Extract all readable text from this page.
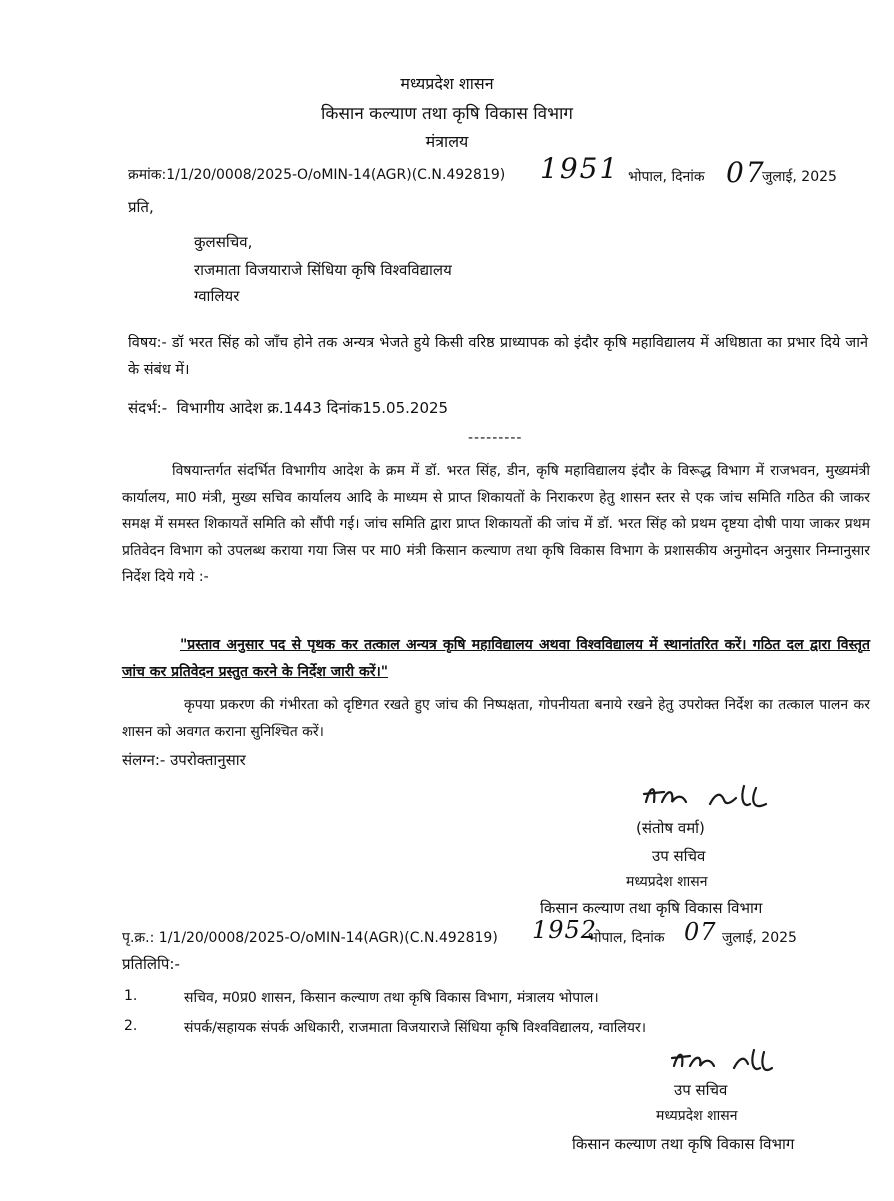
मध्यप्रदेश शासन
किसान कल्याण तथा कृषि विकास विभाग
मंत्रालय
क्रमांक:1/1/20/0008/2025-O/oMIN-14(AGR)(C.N.492819) 1951 भोपाल, दिनांक 07
जुलाई, 2025
प्रति,
कुलसचिव,
राजमाता विजयाराजे सिंधिया कृषि विश्वविद्यालय
ग्वालियर
विषय:- डॉ भरत सिंह को जाँच होने तक अन्यत्र भेजते हुये किसी वरिष्ठ प्राध्यापक को इंदौर कृषि महाविद्यालय में अधिष्ठाता का प्रभार दिये जाने के संबंध में।
संदर्भ:- विभागीय आदेश क्र.1443 दिनांक15.05.2025
---------
विषयान्तर्गत संदर्भित विभागीय आदेश के क्रम में डॉ. भरत सिंह, डीन, कृषि महाविद्यालय इंदौर के विरूद्ध विभाग में राजभवन, मुख्यमंत्री कार्यालय, मा0 मंत्री, मुख्य सचिव कार्यालय आदि के माध्यम से प्राप्त शिकायतों के निराकरण हेतु शासन स्तर से एक जांच समिति गठित की जाकर समक्ष में समस्त शिकायतें समिति को सौंपी गई। जांच समिति द्वारा प्राप्त शिकायतों की जांच में डॉ. भरत सिंह को प्रथम दृष्टया दोषी पाया जाकर प्रथम प्रतिवेदन विभाग को उपलब्ध कराया गया जिस पर मा0 मंत्री किसान कल्याण तथा कृषि विकास विभाग के प्रशासकीय अनुमोदन अनुसार निम्नानुसार निर्देश दिये गये :-
"प्रस्ताव अनुसार पद से पृथक कर तत्काल अन्यत्र कृषि महाविद्यालय अथवा विश्वविद्यालय में स्थानांतरित करें। गठित दल द्वारा विस्तृत जांच कर प्रतिवेदन प्रस्तुत करने के निर्देश जारी करें।"
कृपया प्रकरण की गंभीरता को दृष्टिगत रखते हुए जांच की निष्पक्षता, गोपनीयता बनाये रखने हेतु उपरोक्त निर्देश का तत्काल पालन कर शासन को अवगत कराना सुनिश्चित करें।
संलग्न:- उपरोक्तानुसार
(संतोष वर्मा)
उप सचिव
मध्यप्रदेश शासन
किसान कल्याण तथा कृषि विकास विभाग
पृ.क्र.: 1/1/20/0008/2025-O/oMIN-14(AGR)(C.N.492819) 1952
भोपाल, दिनांक 07 जुलाई, 2025
प्रतिलिपि:-
1.	सचिव, म0प्र0 शासन, किसान कल्याण तथा कृषि विकास विभाग, मंत्रालय भोपाल।
2.	संपर्क/सहायक संपर्क अधिकारी, राजमाता विजयाराजे सिंधिया कृषि विश्वविद्यालय, ग्वालियर।
उप सचिव
मध्यप्रदेश शासन
किसान कल्याण तथा कृषि विकास विभाग
